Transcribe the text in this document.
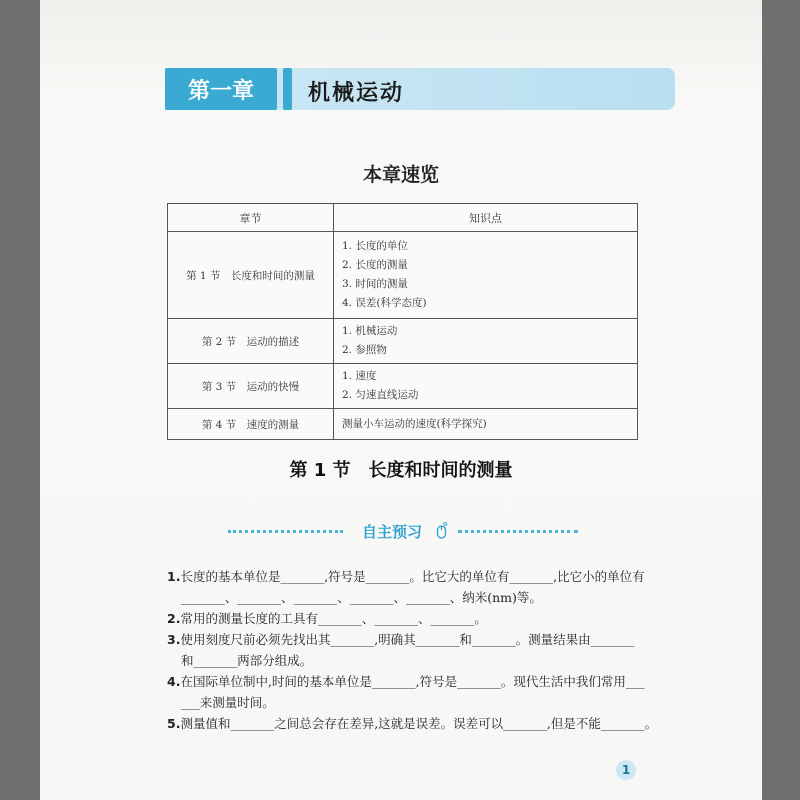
第一章	机械运动
本章速览
章节	知识点
第 1 节　长度和时间的测量	1. 长度的单位
2. 长度的测量
3. 时间的测量
4. 误差(科学态度)

第 2 节　运动的描述	1. 机械运动
2. 参照物

第 3 节　运动的快慢	1. 速度
2. 匀速直线运动

第 4 节　速度的测量	测量小车运动的速度(科学探究)
第 1 节　长度和时间的测量
自主预习
1.长度的基本单位是_______,符号是_______。比它大的单位有_______,比它小的单位有
_______、_______、_______、_______、_______、纳米(nm)等。
2.常用的测量长度的工具有_______、_______、_______。
3.使用刻度尺前必须先找出其_______,明确其_______和_______。测量结果由_______
和_______两部分组成。
4.在国际单位制中,时间的基本单位是_______,符号是_______。现代生活中我们常用___
___来测量时间。
5.测量值和_______之间总会存在差异,这就是误差。误差可以_______,但是不能_______。
1
